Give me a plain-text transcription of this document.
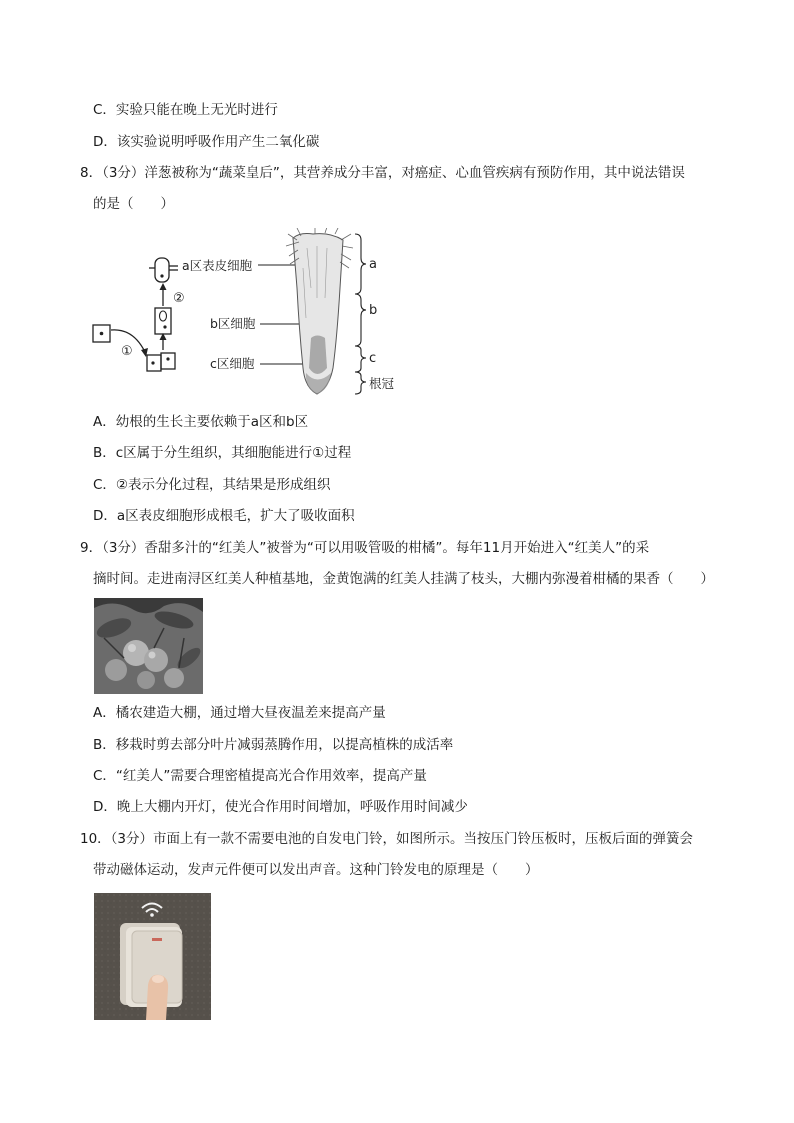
C．实验只能在晚上无光时进行
D．该实验说明呼吸作用产生二氧化碳
8．（3分）洋葱被称为“蔬菜皇后”，其营养成分丰富，对癌症、心血管疾病有预防作用，其中说法错误
的是（　　）
①
②
a区表皮细胞
b区细胞
c区细胞
a
b
c
根冠
A．幼根的生长主要依赖于a区和b区
B．c区属于分生组织，其细胞能进行①过程
C．②表示分化过程，其结果是形成组织
D．a区表皮细胞形成根毛，扩大了吸收面积
9．（3分）香甜多汁的“红美人”被誉为“可以用吸管吸的柑橘”。每年11月开始进入“红美人”的采
摘时间。走进南浔区红美人种植基地，金黄饱满的红美人挂满了枝头，大棚内弥漫着柑橘的果香（　　）
A．橘农建造大棚，通过增大昼夜温差来提高产量
B．移栽时剪去部分叶片减弱蒸腾作用，以提高植株的成活率
C．“红美人”需要合理密植提高光合作用效率，提高产量
D．晚上大棚内开灯，使光合作用时间增加，呼吸作用时间减少
10．（3分）市面上有一款不需要电池的自发电门铃，如图所示。当按压门铃压板时，压板后面的弹簧会
带动磁体运动，发声元件便可以发出声音。这种门铃发电的原理是（　　）
